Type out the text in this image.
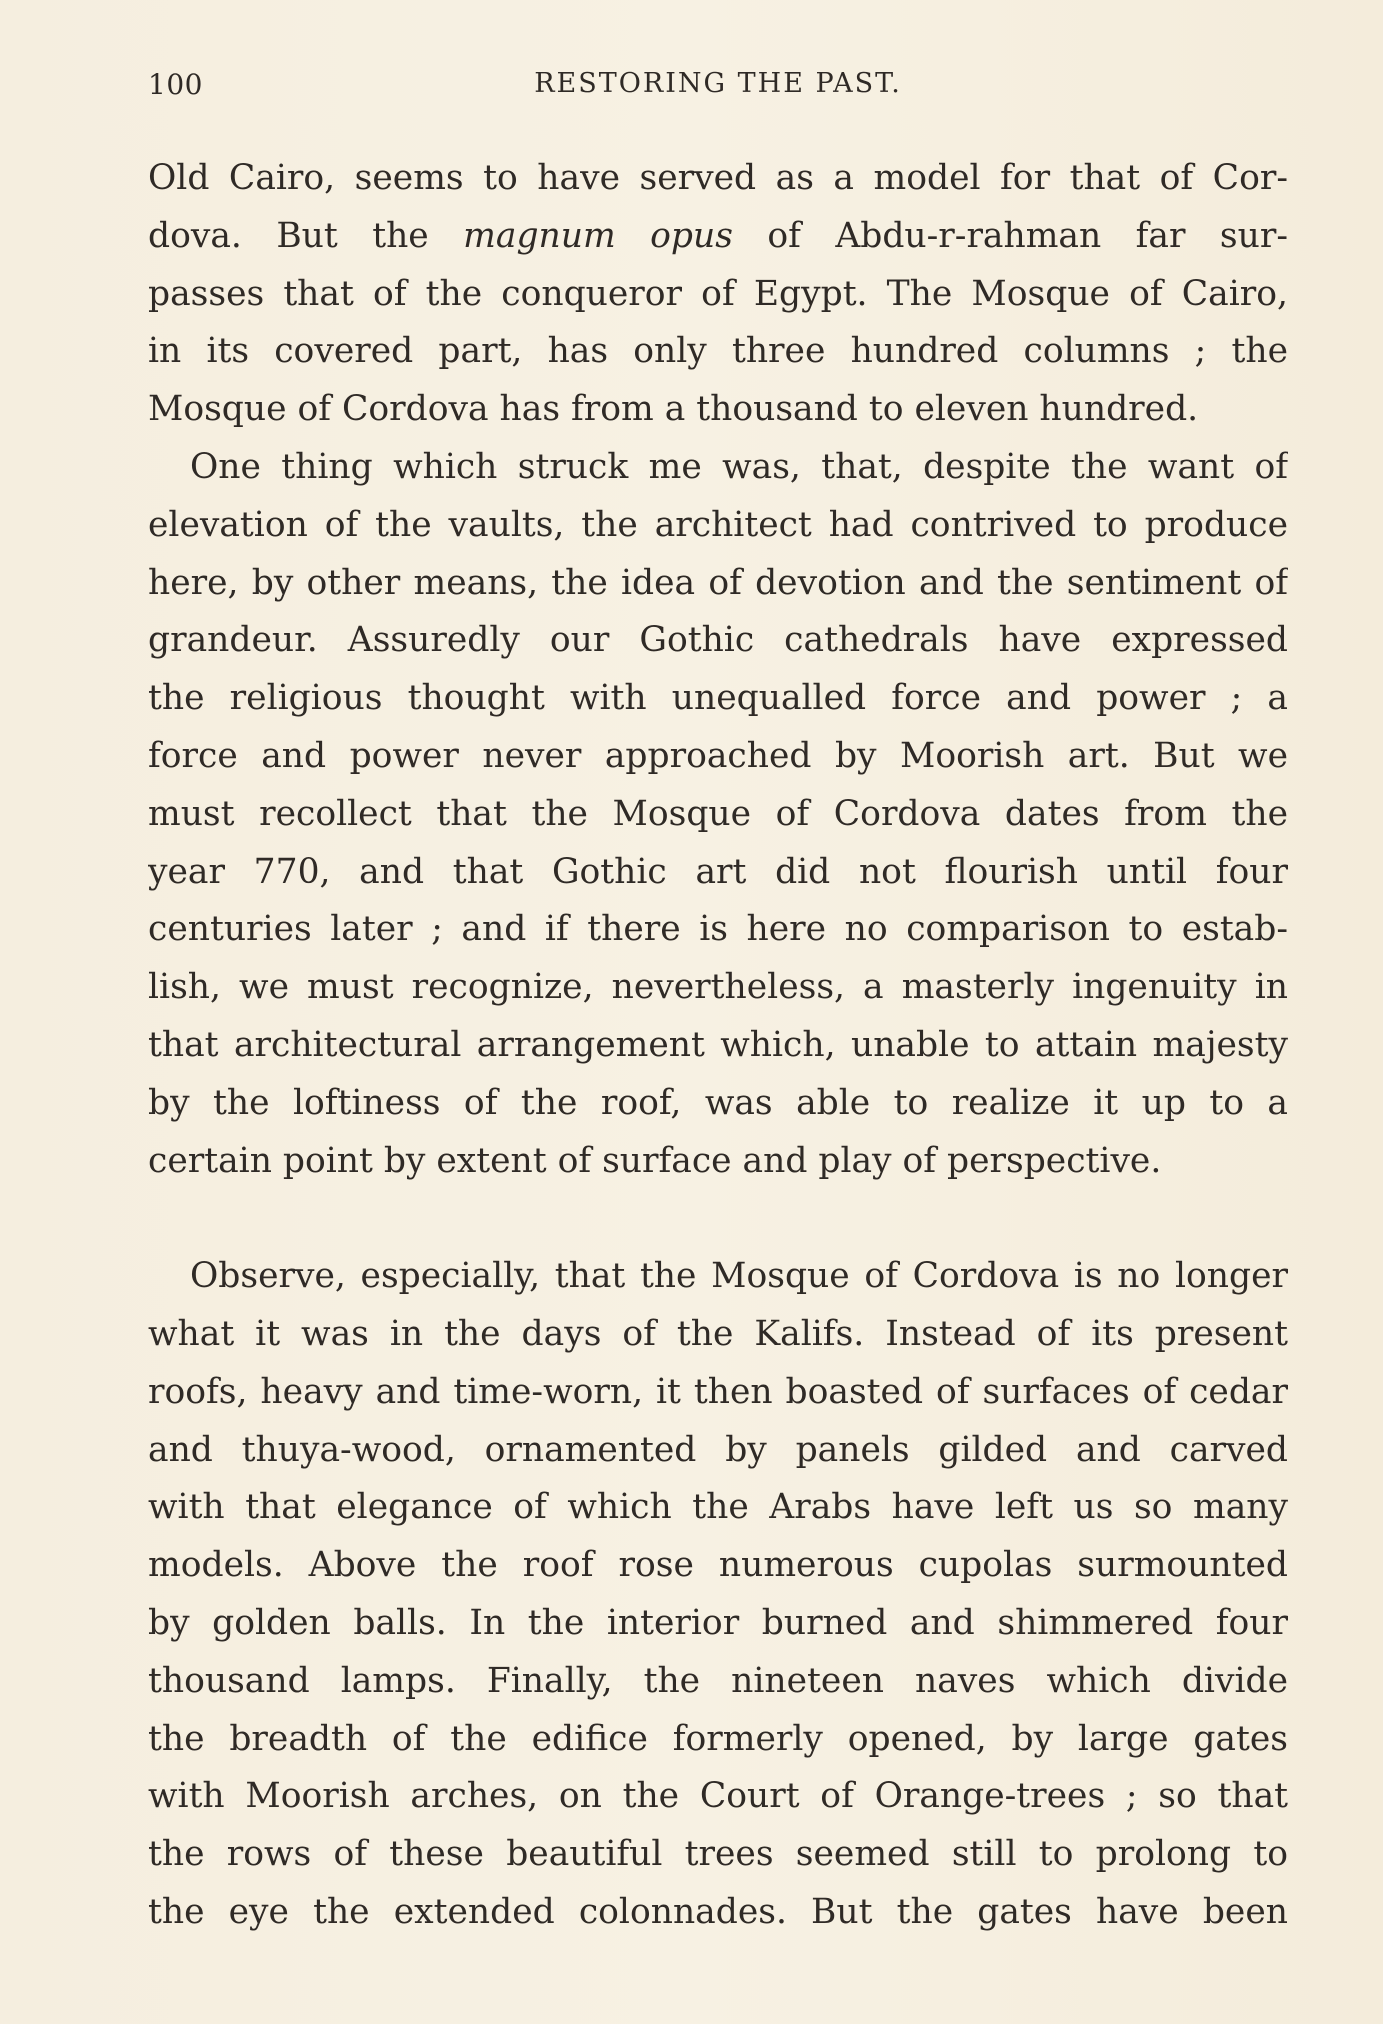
100	RESTORING THE PAST.
Old Cairo, seems to have served as a model for that of Cor-
dova. But the magnum opus of Abdu-r-rahman far sur-
passes that of the conqueror of Egypt. The Mosque of Cairo,
in its covered part, has only three hundred columns ; the
Mosque of Cordova has from a thousand to eleven hundred.
One thing which struck me was, that, despite the want of
elevation of the vaults, the architect had contrived to produce
here, by other means, the idea of devotion and the sentiment of
grandeur. Assuredly our Gothic cathedrals have expressed
the religious thought with unequalled force and power ; a
force and power never approached by Moorish art. But we
must recollect that the Mosque of Cordova dates from the
year 770, and that Gothic art did not flourish until four
centuries later ; and if there is here no comparison to estab-
lish, we must recognize, nevertheless, a masterly ingenuity in
that architectural arrangement which, unable to attain majesty
by the loftiness of the roof, was able to realize it up to a
certain point by extent of surface and play of perspective.
Observe, especially, that the Mosque of Cordova is no longer
what it was in the days of the Kalifs. Instead of its present
roofs, heavy and time-worn, it then boasted of surfaces of cedar
and thuya-wood, ornamented by panels gilded and carved
with that elegance of which the Arabs have left us so many
models. Above the roof rose numerous cupolas surmounted
by golden balls. In the interior burned and shimmered four
thousand lamps. Finally, the nineteen naves which divide
the breadth of the edifice formerly opened, by large gates
with Moorish arches, on the Court of Orange-trees ; so that
the rows of these beautiful trees seemed still to prolong to
the eye the extended colonnades. But the gates have been
